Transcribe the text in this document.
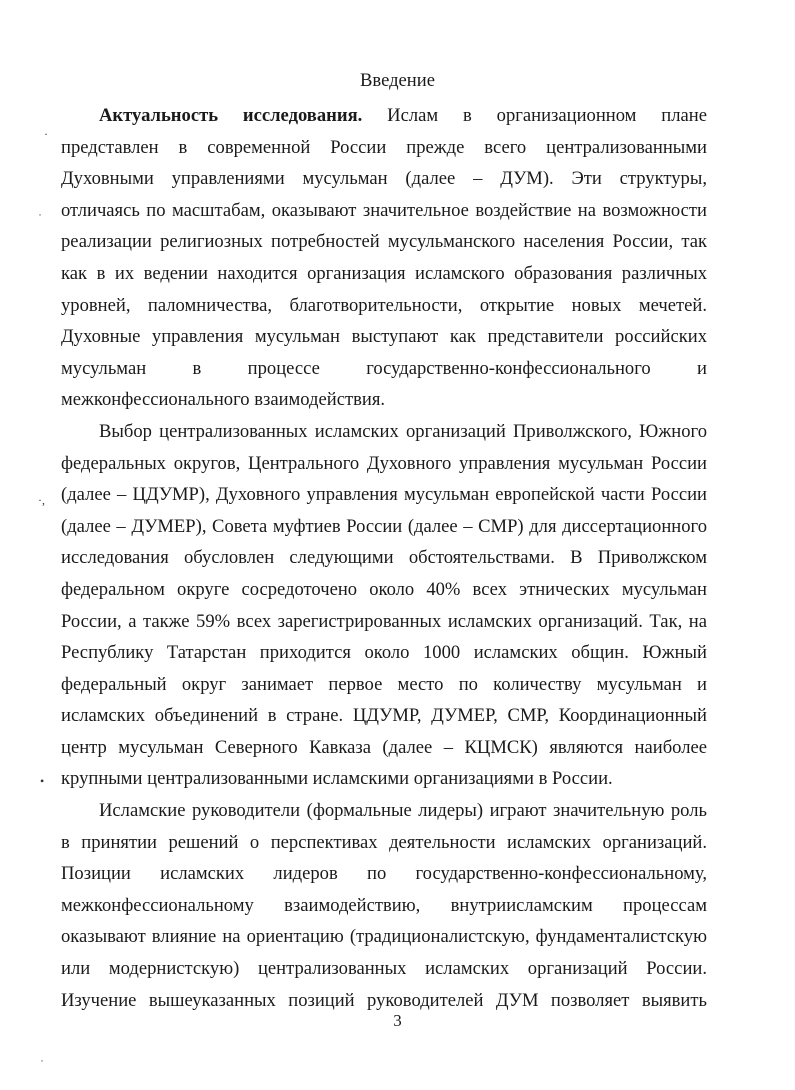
Введение
Актуальность исследования. Ислам в организационном плане
представлен в современной России прежде всего централизованными
Духовными управлениями мусульман (далее – ДУМ). Эти структуры,
отличаясь по масштабам, оказывают значительное воздействие на возможности
реализации религиозных потребностей мусульманского населения России, так
как в их ведении находится организация исламского образования различных
уровней, паломничества, благотворительности, открытие новых мечетей.
Духовные управления мусульман выступают как представители российских
мусульман в процессе государственно-конфессионального и
межконфессионального взаимодействия.
Выбор централизованных исламских организаций Приволжского, Южного
федеральных округов, Центрального Духовного управления мусульман России
(далее – ЦДУМР), Духовного управления мусульман европейской части России
(далее – ДУМЕР), Совета муфтиев России (далее – СМР) для диссертационного
исследования обусловлен следующими обстоятельствами. В Приволжском
федеральном округе сосредоточено около 40% всех этнических мусульман
России, а также 59% всех зарегистрированных исламских организаций. Так, на
Республику Татарстан приходится около 1000 исламских общин. Южный
федеральный округ занимает первое место по количеству мусульман и
исламских объединений в стране. ЦДУМР, ДУМЕР, СМР, Координационный
центр мусульман Северного Кавказа (далее – КЦМСК) являются наиболее
крупными централизованными исламскими организациями в России.
Исламские руководители (формальные лидеры) играют значительную роль
в принятии решений о перспективах деятельности исламских организаций.
Позиции исламских лидеров по государственно-конфессиональному,
межконфессиональному взаимодействию, внутриисламским процессам
оказывают влияние на ориентацию (традиционалистскую, фундаменталистскую
или модернистскую) централизованных исламских организаций России.
Изучение вышеуказанных позиций руководителей ДУМ позволяет выявить
3
·
˙
·,
•
˙
